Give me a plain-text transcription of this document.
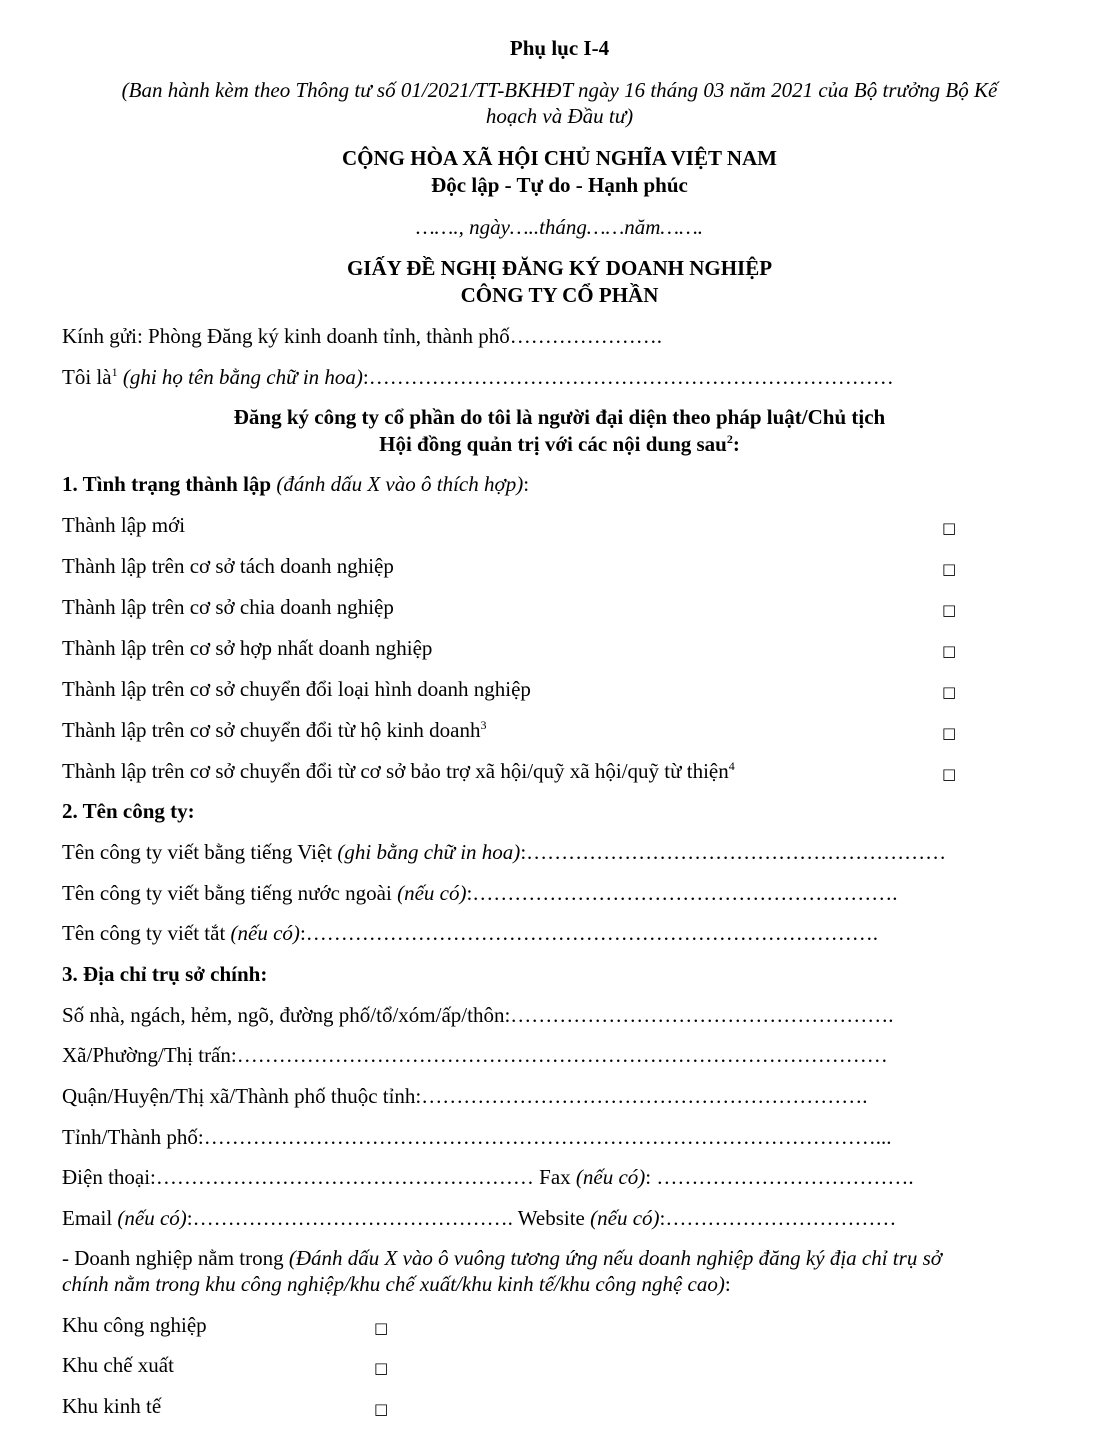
Phụ lục I-4
(Ban hành kèm theo Thông tư số 01/2021/TT-BKHĐT ngày 16 tháng 03 năm 2021 của Bộ trưởng Bộ Kế
hoạch và Đầu tư)
CỘNG HÒA XÃ HỘI CHỦ NGHĨA VIỆT NAM
Độc lập - Tự do - Hạnh phúc
……., ngày…..tháng……năm…….
GIẤY ĐỀ NGHỊ ĐĂNG KÝ DOANH NGHIỆP
CÔNG TY CỔ PHẦN
Kính gửi: Phòng Đăng ký kinh doanh tỉnh, thành phố………………….
Tôi $là^1$ (ghi họ tên bằng chữ in hoa):…………………………………………………………………
Đăng ký công ty cổ phần do tôi là người đại diện theo pháp luật/Chủ tịch
Hội đồng quản trị với các nội dung sau$^2$:
1. Tình trạng thành lập (đánh dấu X vào ô thích hợp):
Thành lập mới	□
Thành lập trên cơ sở tách doanh nghiệp	□
Thành lập trên cơ sở chia doanh nghiệp	□
Thành lập trên cơ sở hợp nhất doanh nghiệp	□
Thành lập trên cơ sở chuyển đổi loại hình doanh nghiệp	□
Thành lập trên cơ sở chuyển đổi từ hộ kinh doanh$^3$	□
Thành lập trên cơ sở chuyển đổi từ cơ sở bảo trợ xã hội/quỹ xã hội/quỹ từ thiện$^4$	□
2. Tên công ty:
Tên công ty viết bằng tiếng Việt (ghi bằng chữ in hoa):……………………………………………………
Tên công ty viết bằng tiếng nước ngoài (nếu có):…………………………………………………….
Tên công ty viết tắt (nếu có):……………………………………………………………………….
3. Địa chỉ trụ sở chính:
Số nhà, ngách, hẻm, ngõ, đường phố/tổ/xóm/ấp/thôn:……………………………………………….
Xã/Phường/Thị trấn:…………………………………………………………………………………
Quận/Huyện/Thị xã/Thành phố thuộc tỉnh:……………………………………………………….
Tỉnh/Thành phố:……………………………………………………………………………………...
Điện thoại:……………………………………………… Fax (nếu có): ……………………………….
Email (nếu có):………………………………………. Website (nếu có):……………………………
- Doanh nghiệp nằm trong (Đánh dấu X vào ô vuông tương ứng nếu doanh nghiệp đăng ký địa chỉ trụ sở
chính nằm trong khu công nghiệp/khu chế xuất/khu kinh tế/khu công nghệ cao):
Khu công nghiệp	□
Khu chế xuất	□
Khu kinh tế	□
